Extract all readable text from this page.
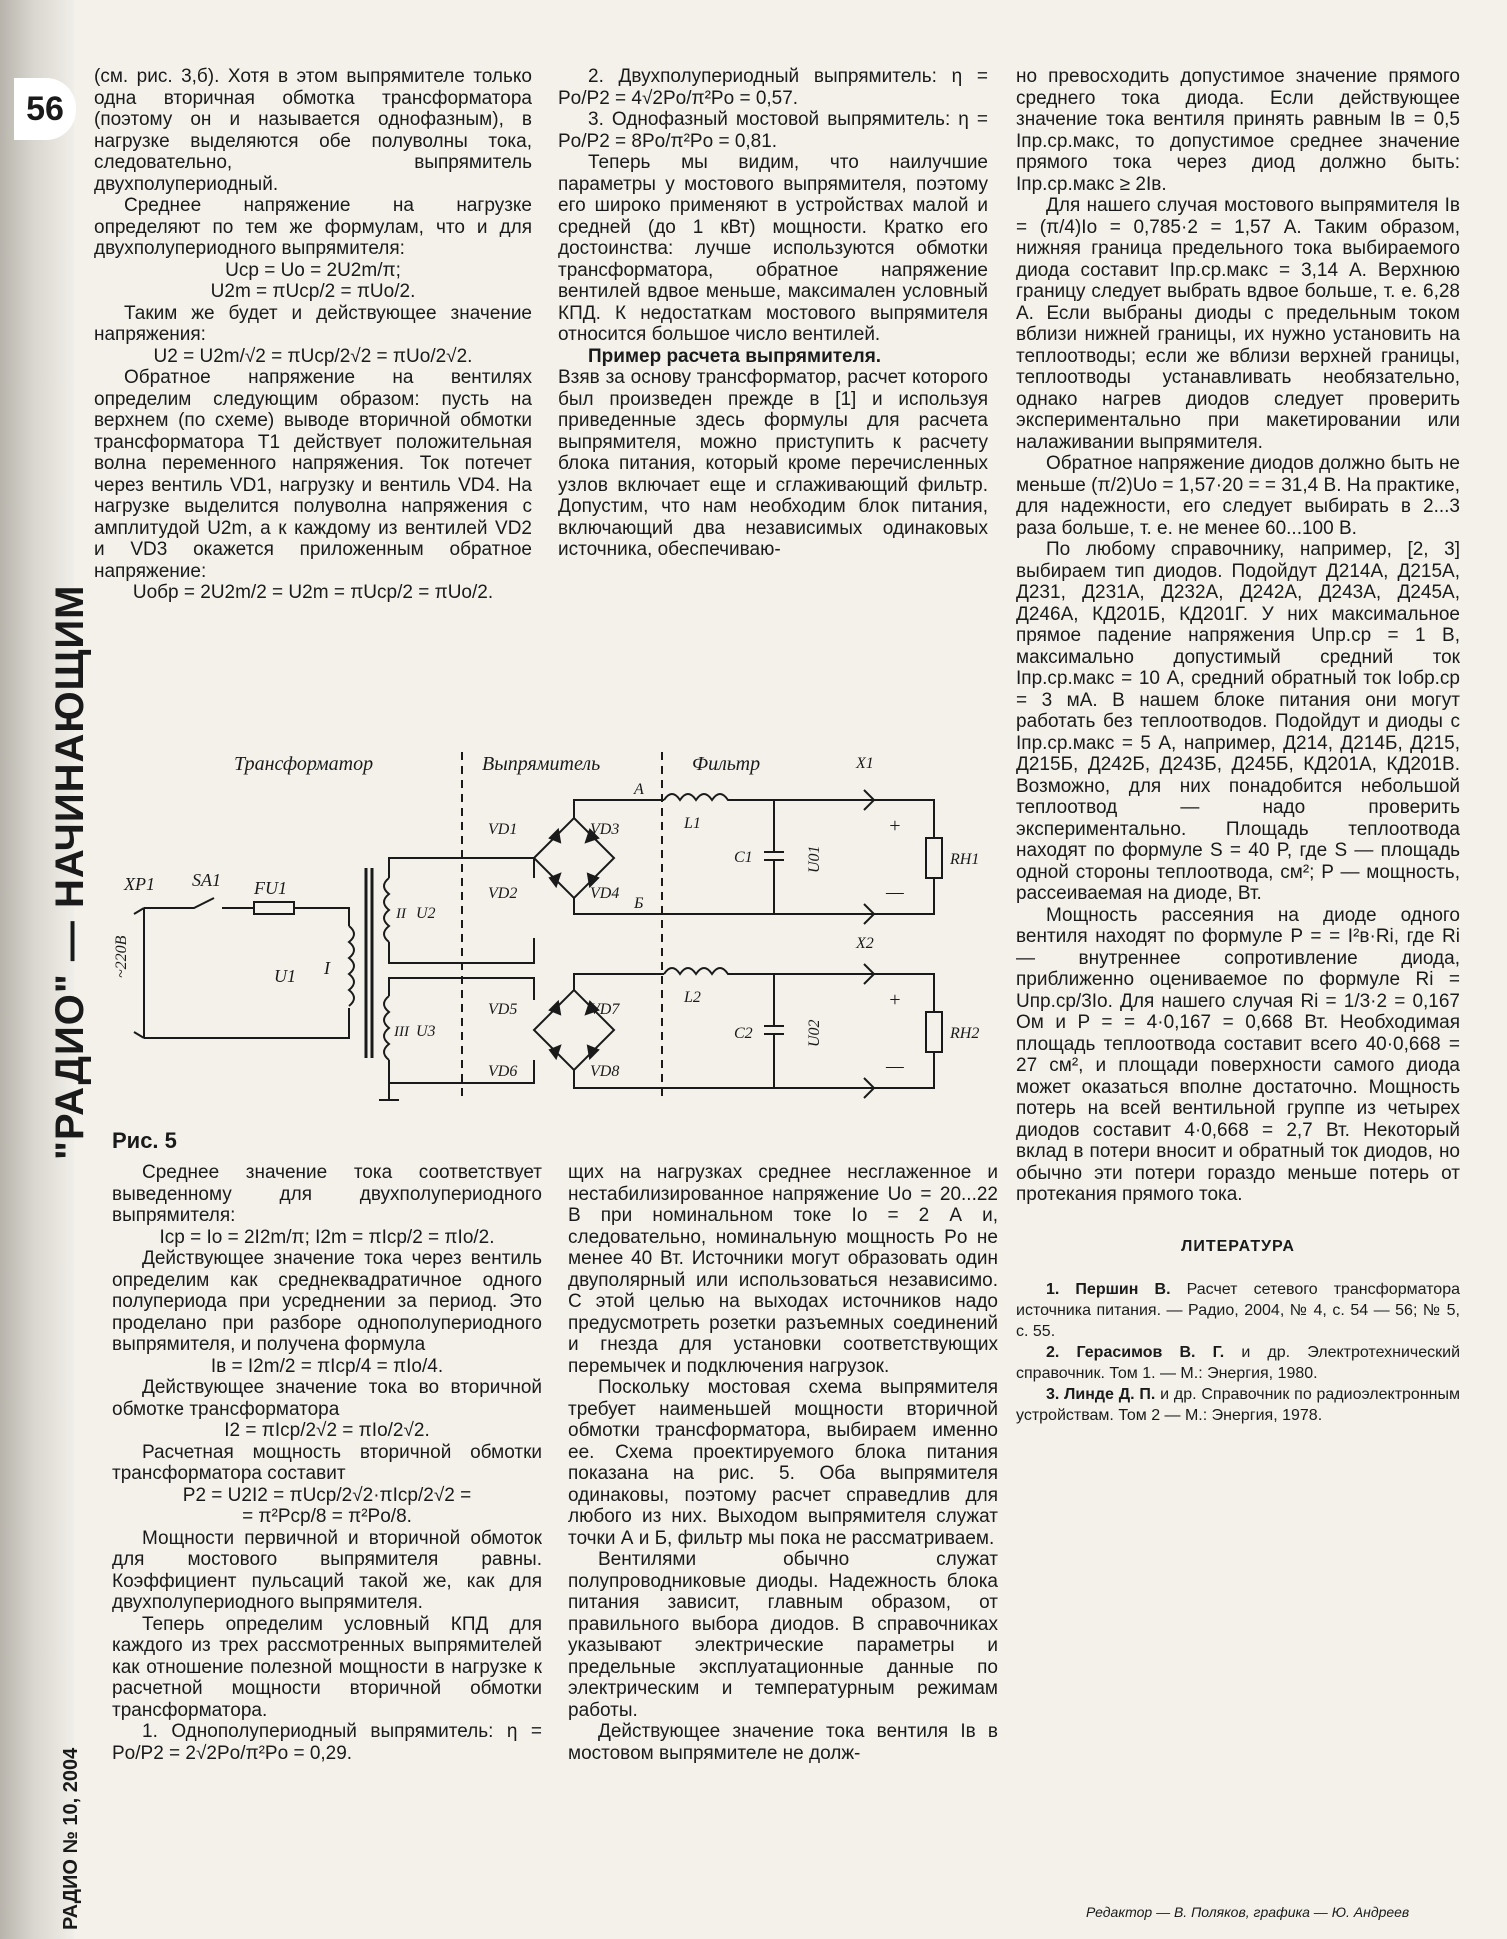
56
"РАДИО" — НАЧИНАЮЩИМ
РАДИО № 10, 2004

(см. рис. 3,б). Хотя в этом выпрямителе только одна вторичная обмотка трансформатора (поэтому он и называется однофазным), в нагрузке выделяются обе полуволны тока, следовательно, выпрямитель двухполупериодный.

Среднее напряжение на нагрузке определяют по тем же формулам, что и для двухполупериодного выпрямителя:

Uср = Uо = 2U2m/π;

U2m = πUср/2 = πUо/2.

Таким же будет и действующее значение напряжения:

U2 = U2m/√2 = πUср/2√2 = πUо/2√2.

Обратное напряжение на вентилях определим следующим образом: пусть на верхнем (по схеме) выводе вторичной обмотки трансформатора Т1 действует положительная волна переменного напряжения. Ток потечет через вентиль VD1, нагрузку и вентиль VD4. На нагрузке выделится полуволна напряжения с амплитудой U2m, а к каждому из вентилей VD2 и VD3 окажется приложенным обратное напряжение:

Uобр = 2U2m/2 = U2m = πUср/2 = πUо/2.

2. Двухполупериодный выпрямитель: η = Pо/P2 = 4√2Pо/π²Pо = 0,57.

3. Однофазный мостовой выпрямитель: η = Pо/P2 = 8Pо/π²Pо = 0,81.

Теперь мы видим, что наилучшие параметры у мостового выпрямителя, поэтому его широко применяют в устройствах малой и средней (до 1 кВт) мощности. Кратко его достоинства: лучше используются обмотки трансформатора, обратное напряжение вентилей вдвое меньше, максимален условный КПД. К недостаткам мостового выпрямителя относится большое число вентилей.

Пример расчета выпрямителя.

Взяв за основу трансформатор, расчет которого был произведен прежде в [1] и используя приведенные здесь формулы для расчета выпрямителя, можно приступить к расчету блока питания, который кроме перечисленных узлов включает еще и сглаживающий фильтр. Допустим, что нам необходим блок питания, включающий два независимых одинаковых источника, обеспечиваю-

но превосходить допустимое значение прямого среднего тока диода. Если действующее значение тока вентиля принять равным Iв = 0,5 Iпр.ср.макс, то допустимое среднее значение прямого тока через диод должно быть: Iпр.ср.макс ≥ 2Iв.

Для нашего случая мостового выпрямителя Iв = (π/4)Iо = 0,785·2 = 1,57 А. Таким образом, нижняя граница предельного тока выбираемого диода составит Iпр.ср.макс = 3,14 А. Верхнюю границу следует выбрать вдвое больше, т. е. 6,28 А. Если выбраны диоды с предельным током вблизи нижней границы, их нужно установить на теплоотводы; если же вблизи верхней границы, теплоотводы устанавливать необязательно, однако нагрев диодов следует проверить экспериментально при макетировании или налаживании выпрямителя.

Обратное напряжение диодов должно быть не меньше (π/2)Uо = 1,57·20 = = 31,4 В. На практике, для надежности, его следует выбирать в 2...3 раза больше, т. е. не менее 60...100 В.

По любому справочнику, например, [2, 3] выбираем тип диодов. Подойдут Д214А, Д215А, Д231, Д231А, Д232А, Д242А, Д243А, Д245А, Д246А, КД201Б, КД201Г. У них максимальное прямое падение напряжения Uпр.ср = 1 В, максимально допустимый средний ток Iпр.ср.макс = 10 А, средний обратный ток Iобр.ср = 3 мА. В нашем блоке питания они могут работать без теплоотводов. Подойдут и диоды с Iпр.ср.макс = 5 А, например, Д214, Д214Б, Д215, Д215Б, Д242Б, Д243Б, Д245Б, КД201А, КД201В. Возможно, для них понадобится небольшой теплоотвод — надо проверить экспериментально. Площадь теплоотвода находят по формуле S = 40 P, где S — площадь одной стороны теплоотвода, см²; P — мощность, рассеиваемая на диоде, Вт.

Мощность рассеяния на диоде одного вентиля находят по формуле P = = I²в·Rі, где Rі — внутреннее сопротивление диода, приближенно оцениваемое по формуле Rі = Uпр.ср/3Iо. Для нашего случая Rі = 1/3·2 = 0,167 Ом и P = = 4·0,167 = 0,668 Вт. Необходимая площадь теплоотвода составит всего 40·0,668 = 27 см², и площади поверхности самого диода может оказаться вполне достаточно. Мощность потерь на всей вентильной группе из четырех диодов составит 4·0,668 = 2,7 Вт. Некоторый вклад в потери вносит и обратный ток диодов, но обычно эти потери гораздо меньше потерь от протекания прямого тока.

ЛИТЕРАТУРА

1. Першин В. Расчет сетевого трансформатора источника питания. — Радио, 2004, № 4, с. 54 — 56; № 5, с. 55.

2. Герасимов В. Г. и др. Электротехнический справочник. Том 1. — М.: Энергия, 1980.

3. Линде Д. П. и др. Справочник по радиоэлектронным устройствам. Том 2 — М.: Энергия, 1978.

Трансформатор	Выпрямитель	Фильтр
XP1 SA1 FU1
~220В	U1 I
II U2
III U3
VD1	VD3
VD2	VD4
А
Б
L1
C1	U01
X1
+
—
RH1
VD5	VD7
VD6	VD8
L2
C2	U02
X2
+
—
RH2
Рис. 5

Среднее значение тока соответствует выведенному для двухполупериодного выпрямителя:

Iср = Iо = 2I2m/π; I2m = πIср/2 = πIо/2.

Действующее значение тока через вентиль определим как среднеквадратичное одного полупериода при усреднении за период. Это проделано при разборе однополупериодного выпрямителя, и получена формула

Iв = I2m/2 = πIср/4 = πIо/4.

Действующее значение тока во вторичной обмотке трансформатора

I2 = πIср/2√2 = πIо/2√2.

Расчетная мощность вторичной обмотки трансформатора составит

P2 = U2I2 = πUср/2√2·πIср/2√2 =

= π²Pср/8 = π²Pо/8.

Мощности первичной и вторичной обмоток для мостового выпрямителя равны. Коэффициент пульсаций такой же, как для двухполупериодного выпрямителя.

Теперь определим условный КПД для каждого из трех рассмотренных выпрямителей как отношение полезной мощности в нагрузке к расчетной мощности вторичной обмотки трансформатора.

1. Однополупериодный выпрямитель: η = Pо/P2 = 2√2Pо/π²Pо = 0,29.

щих на нагрузках среднее несглаженное и нестабилизированное напряжение Uо = 20...22 В при номинальном токе Iо = 2 А и, следовательно, номинальную мощность Pо не менее 40 Вт. Источники могут образовать один двуполярный или использоваться независимо. С этой целью на выходах источников надо предусмотреть розетки разъемных соединений и гнезда для установки соответствующих перемычек и подключения нагрузок.

Поскольку мостовая схема выпрямителя требует наименьшей мощности вторичной обмотки трансформатора, выбираем именно ее. Схема проектируемого блока питания показана на рис. 5. Оба выпрямителя одинаковы, поэтому расчет справедлив для любого из них. Выходом выпрямителя служат точки А и Б, фильтр мы пока не рассматриваем.

Вентилями обычно служат полупроводниковые диоды. Надежность блока питания зависит, главным образом, от правильного выбора диодов. В справочниках указывают электрические параметры и предельные эксплуатационные данные по электрическим и температурным режимам работы.

Действующее значение тока вентиля Iв в мостовом выпрямителе не долж-

Редактор — В. Поляков, графика — Ю. Андреев
